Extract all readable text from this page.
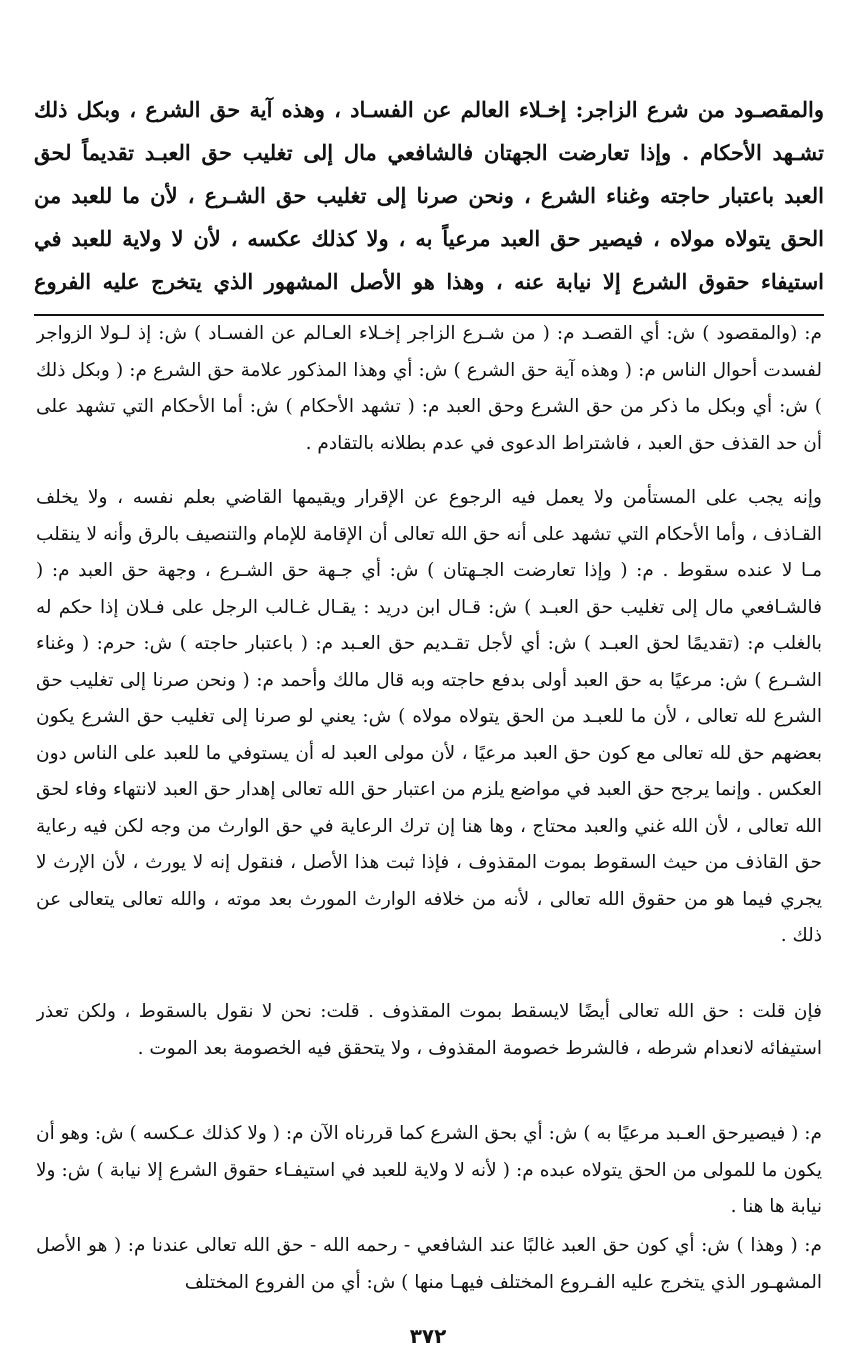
والمقصـود من شرع الزاجر: إخـلاء العالم عن الفسـاد ، وهذه آية حق الشرع ، وبكل ذلك تشـهد الأحكام . وإذا تعارضت الجهتان فالشافعي مال إلى تغليب حق العبـد تقديماً لحق العبد باعتبار حاجته وغناء الشرع ، ونحن صرنا إلى تغليب حق الشـرع ، لأن ما للعبد من الحق يتولاه مولاه ، فيصير حق العبد مرعياً به ، ولا كذلك عكسه ، لأن لا ولاية للعبد في استيفاء حقوق الشرع إلا نيابة عنه ، وهذا هو الأصل المشهور الذي يتخرج عليه الفروع

م: (والمقصود ) ش: أي القصـد م: ( من شـرع الزاجر إخـلاء العـالم عن الفسـاد ) ش: إذ لـولا الزواجر لفسدت أحوال الناس م: ( وهذه آية حق الشرع ) ش: أي وهذا المذكور علامة حق الشرع م: ( وبكل ذلك ) ش: أي وبكل ما ذكر من حق الشرع وحق العبد م: ( تشهد الأحكام ) ش: أما الأحكام التي تشهد على أن حد القذف حق العبد ، فاشتراط الدعوى في عدم بطلانه بالتقادم .

وإنه يجب على المستأمن ولا يعمل فيه الرجوع عن الإقرار ويقيمها القاضي بعلم نفسه ، ولا يخلف القـاذف ، وأما الأحكام التي تشهد على أنه حق الله تعالى أن الإقامة للإمام والتنصيف بالرق وأنه لا ينقلب مـا لا عنده سقوط . م: ( وإذا تعارضت الجـهتان ) ش: أي جـهة حق الشـرع ، وجهة حق العبد م: ( فالشـافعي مال إلى تغليب حق العبـد ) ش: قـال ابن دريد : يقـال غـالب الرجل على فـلان إذا حكم له بالغلب م: (تقديمًا لحق العبـد ) ش: أي لأجل تقـديم حق العـبد م: ( باعتبار حاجته ) ش: حرم: ( وغناء الشـرع ) ش: مرعيًا به حق العبد أولى بدفع حاجته وبه قال مالك وأحمد م: ( ونحن صرنا إلى تغليب حق الشرع لله تعالى ، لأن ما للعبـد من الحق يتولاه مولاه ) ش: يعني لو صرنا إلى تغليب حق الشرع يكون بعضهم حق لله تعالى مع كون حق العبد مرعيًا ، لأن مولى العبد له أن يستوفي ما للعبد على الناس دون العكس . وإنما يرجح حق العبد في مواضع يلزم من اعتبار حق الله تعالى إهدار حق العبد لانتهاء وفاء لحق الله تعالى ، لأن الله غني والعبد محتاج ، وها هنا إن ترك الرعاية في حق الوارث من وجه لكن فيه رعاية حق القاذف من حيث السقوط بموت المقذوف ، فإذا ثبت هذا الأصل ، فنقول إنه لا يورث ، لأن الإرث لا يجري فيما هو من حقوق الله تعالى ، لأنه من خلافه الوارث المورث بعد موته ، والله تعالى يتعالى عن ذلك .

فإن قلت : حق الله تعالى أيضًا لايسقط بموت المقذوف . قلت: نحن لا نقول بالسقوط ، ولكن تعذر استيفائه لانعدام شرطه ، فالشرط خصومة المقذوف ، ولا يتحقق فيه الخصومة بعد الموت .

م: ( فيصيرحق العـبد مرعيًا به ) ش: أي بحق الشرع كما قررناه الآن م: ( ولا كذلك عـكسه ) ش: وهو أن يكون ما للمولى من الحق يتولاه عبده م: ( لأنه لا ولاية للعبد في استيفـاء حقوق الشرع إلا نيابة ) ش: ولا نيابة ها هنا .

م: ( وهذا ) ش: أي كون حق العبد غالبًا عند الشافعي - رحمه الله - حق الله تعالى عندنا م: ( هو الأصل المشهـور الذي يتخرج عليه الفـروع المختلف فيهـا منها ) ش: أي من الفروع المختلف

٣٧٢
